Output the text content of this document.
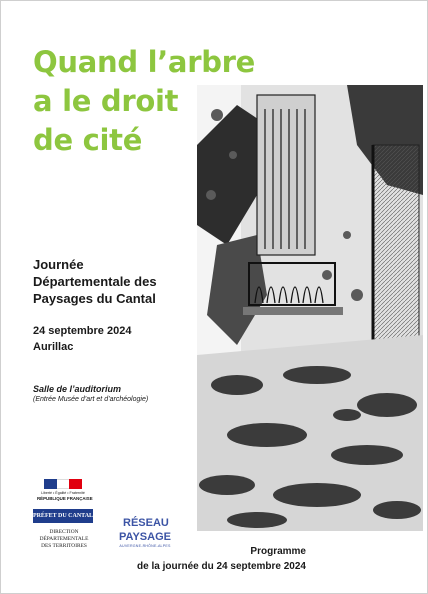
Quand l’arbre
a le droit
de cité
Journée
Départementale des
Paysages du Cantal
24 septembre 2024
Aurillac
Salle de l’auditorium
(Entrée Musée d’art et d’archéologie)
Liberté • Égalité • Fraternité
RÉPUBLIQUE FRANÇAISE
PRÉFET DU CANTAL
DIRECTION
DÉPARTEMENTALE
DES TERRITOIRES
RÉSEAU
PAYSAGE
AUVERGNE-RHÔNE-ALPES	Programme
de la journée du 24 septembre 2024
